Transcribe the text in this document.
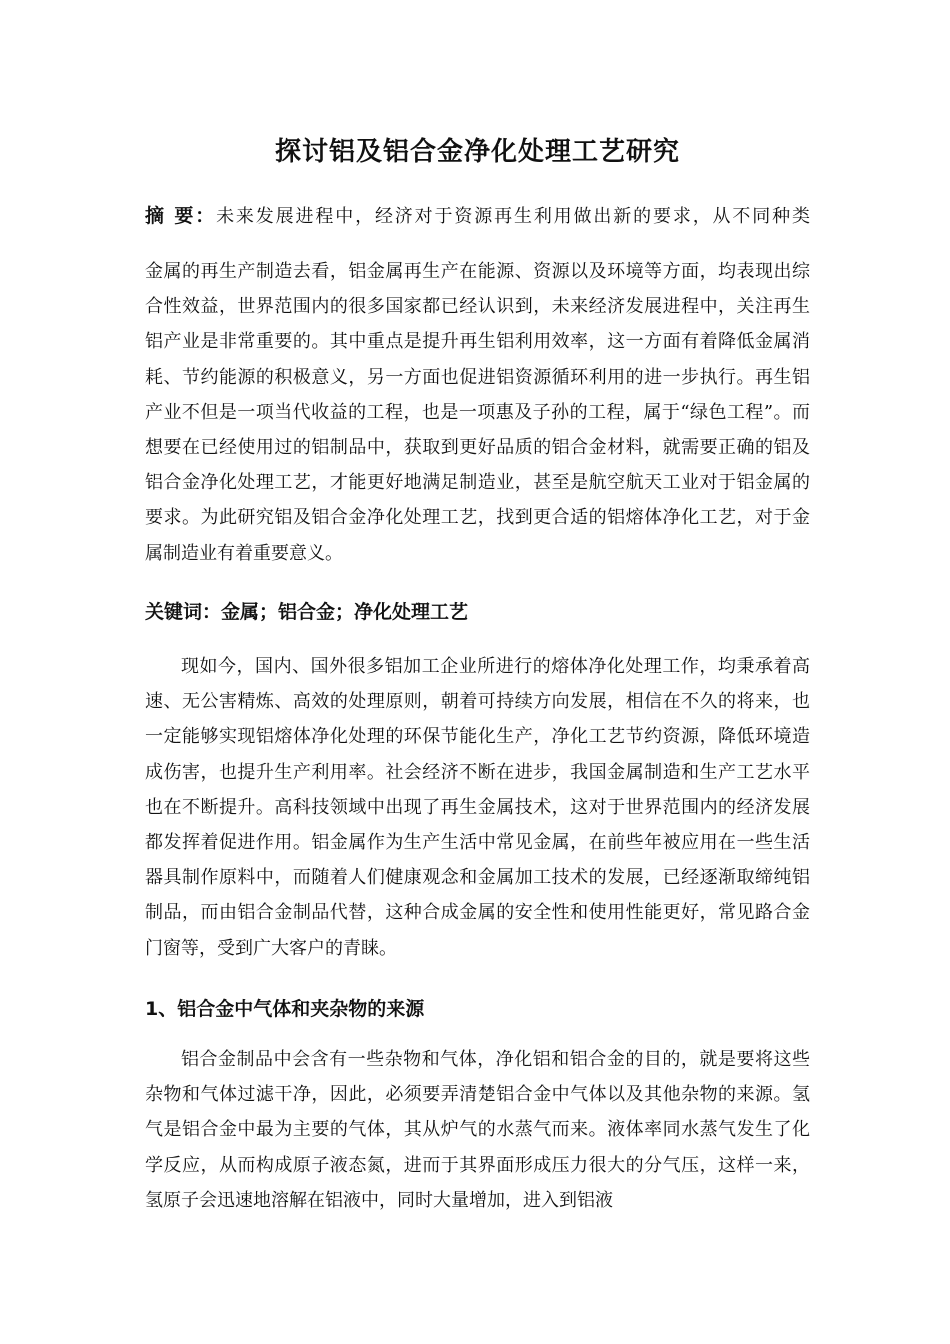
探讨铝及铝合金净化处理工艺研究
摘 要：未来发展进程中，经济对于资源再生利用做出新的要求，从不同种类

金属的再生产制造去看，铝金属再生产在能源、资源以及环境等方面，均表现出综合性效益，世界范围内的很多国家都已经认识到，未来经济发展进程中，关注再生铝产业是非常重要的。其中重点是提升再生铝利用效率，这一方面有着降低金属消耗、节约能源的积极意义，另一方面也促进铝资源循环利用的进一步执行。再生铝产业不但是一项当代收益的工程，也是一项惠及子孙的工程，属于“绿色工程”。而想要在已经使用过的铝制品中，获取到更好品质的铝合金材料，就需要正确的铝及铝合金净化处理工艺，才能更好地满足制造业，甚至是航空航天工业对于铝金属的要求。为此研究铝及铝合金净化处理工艺，找到更合适的铝熔体净化工艺，对于金属制造业有着重要意义。

关键词：金属；铝合金；净化处理工艺

现如今，国内、国外很多铝加工企业所进行的熔体净化处理工作，均秉承着高速、无公害精炼、高效的处理原则，朝着可持续方向发展，相信在不久的将来，也一定能够实现铝熔体净化处理的环保节能化生产，净化工艺节约资源，降低环境造成伤害，也提升生产利用率。社会经济不断在进步，我国金属制造和生产工艺水平也在不断提升。高科技领域中出现了再生金属技术，这对于世界范围内的经济发展都发挥着促进作用。铝金属作为生产生活中常见金属，在前些年被应用在一些生活器具制作原料中，而随着人们健康观念和金属加工技术的发展，已经逐渐取缔纯铝制品，而由铝合金制品代替，这种合成金属的安全性和使用性能更好，常见路合金门窗等，受到广大客户的青睐。

1、铝合金中气体和夹杂物的来源

铝合金制品中会含有一些杂物和气体，净化铝和铝合金的目的，就是要将这些杂物和气体过滤干净，因此，必须要弄清楚铝合金中气体以及其他杂物的来源。氢气是铝合金中最为主要的气体，其从炉气的水蒸气而来。液体率同水蒸气发生了化学反应，从而构成原子液态氮，进而于其界面形成压力很大的分气压，这样一来，氢原子会迅速地溶解在铝液中，同时大量增加，进入到铝液
